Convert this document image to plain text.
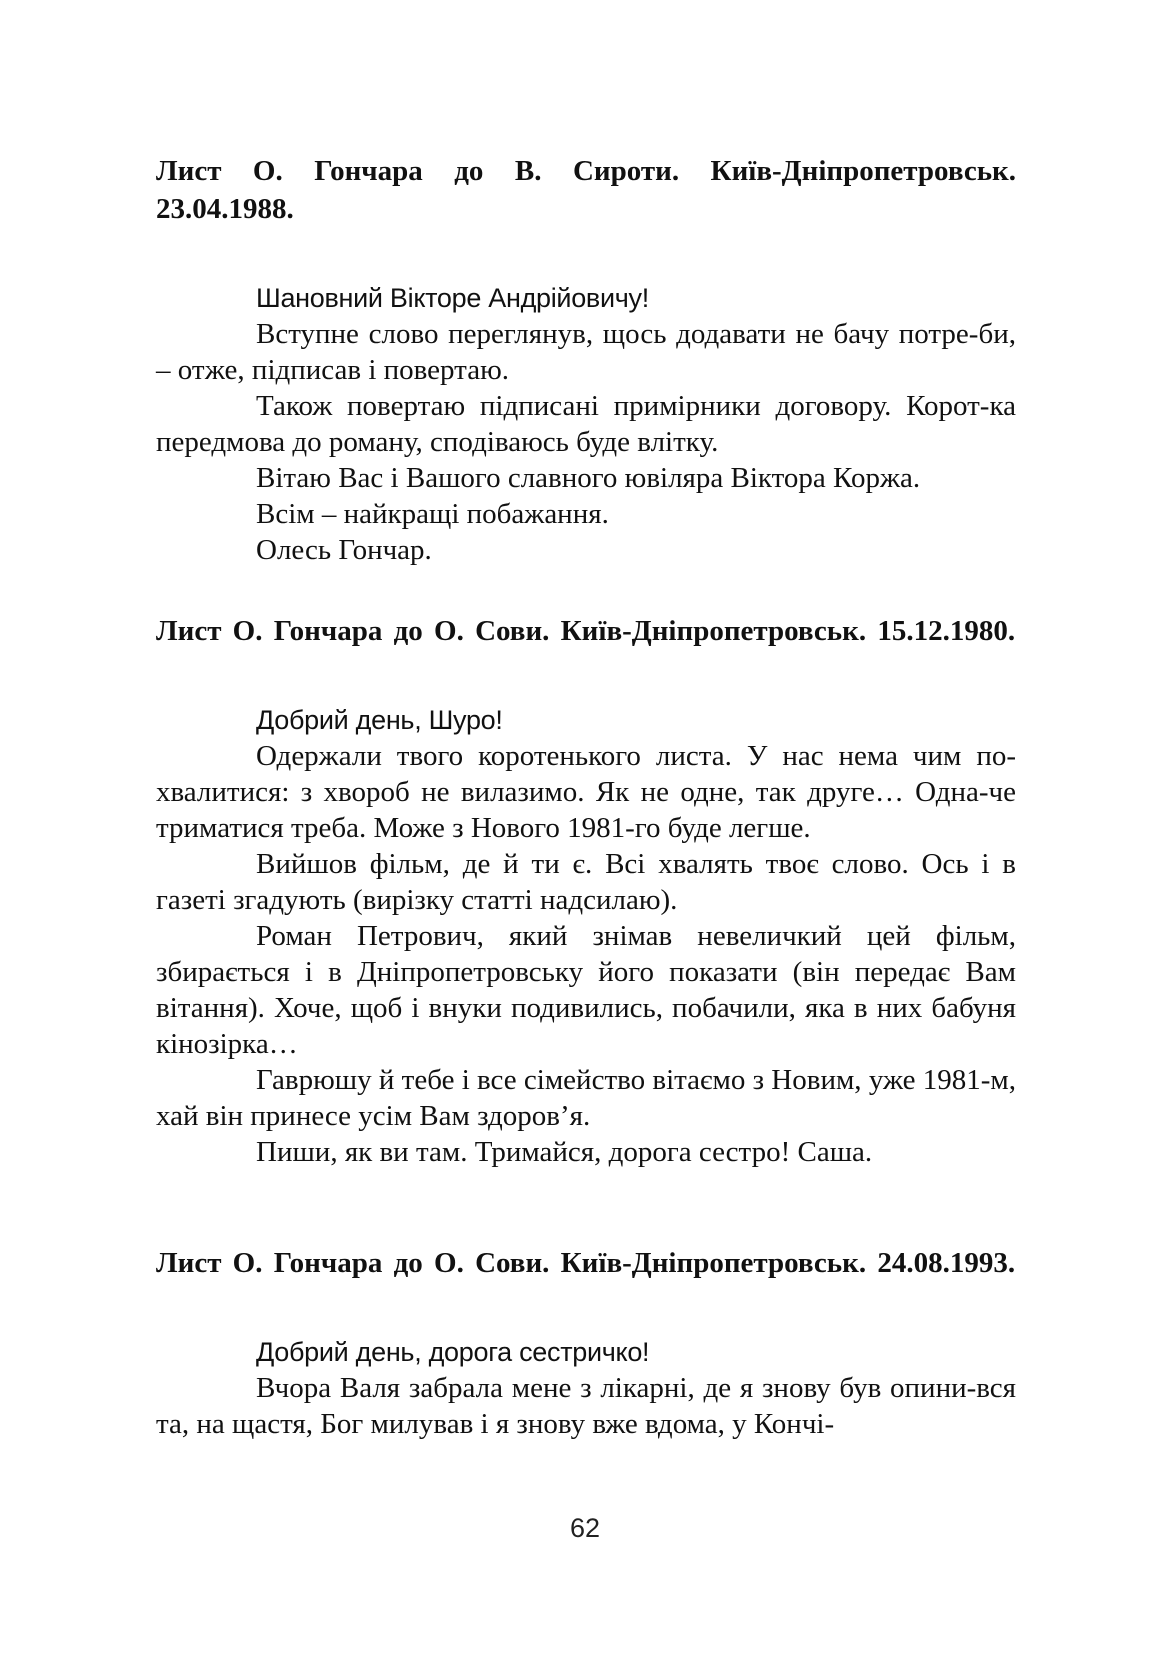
Лист О. Гончара до В. Сироти. Київ-Дніпропетровськ. 23.04.1988.

Шановний Вікторе Андрійовичу!

Вступне слово переглянув, щось додавати не бачу потре-би, – отже, підписав і повертаю.

Також повертаю підписані примірники договору. Корот-ка передмова до роману, сподіваюсь буде влітку.

Вітаю Вас і Вашого славного ювіляра Віктора Коржа.

Всім – найкращі побажання.

Олесь Гончар.

Лист О. Гончара до О. Сови. Київ-Дніпропетровськ. 15.12.1980.

Добрий день, Шуро!

Одержали твого коротенького листа. У нас нема чим по-хвалитися: з хвороб не вилазимо. Як не одне, так друге… Одна-че триматися треба. Може з Нового 1981-го буде легше.

Вийшов фільм, де й ти є. Всі хвалять твоє слово. Ось і в газеті згадують (вирізку статті надсилаю).

Роман Петрович, який знімав невеличкий цей фільм, збирається і в Дніпропетровську його показати (він передає Вам вітання). Хоче, щоб і внуки подивились, побачили, яка в них бабуня кінозірка…

Гаврюшу й тебе і все сімейство вітаємо з Новим, уже 1981-м, хай він принесе усім Вам здоров’я.

Пиши, як ви там. Тримайся, дорога сестро! Саша.

Лист О. Гончара до О. Сови. Київ-Дніпропетровськ. 24.08.1993.

Добрий день, дорога сестричко!

Вчора Валя забрала мене з лікарні, де я знову був опини-вся та, на щастя, Бог милував і я знову вже вдома, у Кончі-

62
